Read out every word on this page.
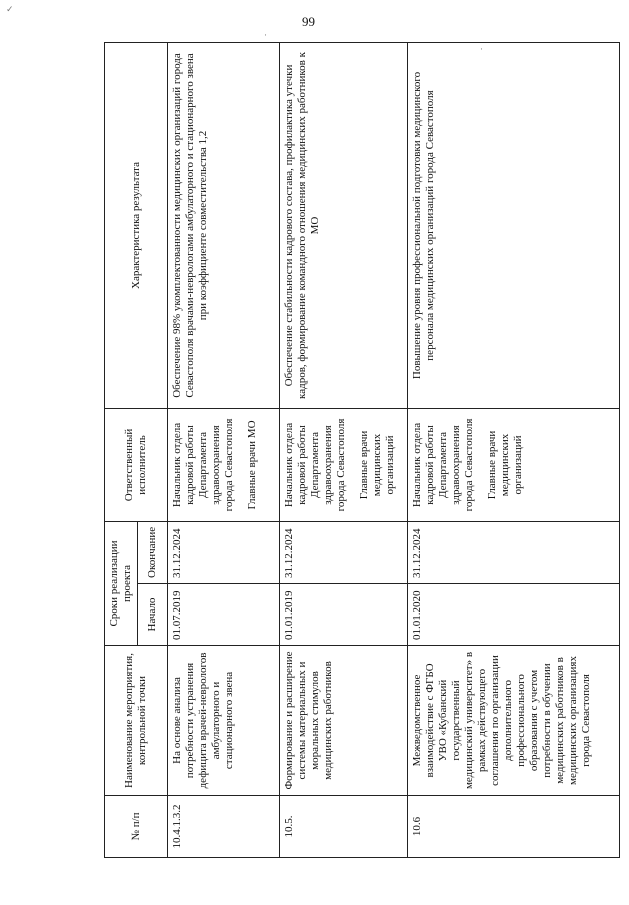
99
✓
·
·
№ п/п	Наименование мероприятия, контрольной точки	Сроки реализации проекта		Ответственный исполнитель	Характеристика результата
		Начало	Окончание		
10.4.1.3.2	На основе анализа потребности устранения дефицита врачей-неврологов амбулаторного и стационарного звена	01.07.2019	31.12.2024	Начальник отдела кадровой работы Департамента здравоохранения города Севастополя Главные врачи МО	Обеспечение 98% укомплектованности медицинских организаций города Севастополя врачами-неврологами амбулаторного и стационарного звена при коэффициенте совместительства 1,2
10.5.	Формирование и расширение системы материальных и моральных стимулов медицинских работников	01.01.2019	31.12.2024	Начальник отдела кадровой работы Департамента здравоохранения города Севастополя Главные врачи медицинских организаций	Обеспечение стабильности кадрового состава, профилактика утечки кадров, формирование командного отношения медицинских работников к МО
10.6	Межведомственное взаимодействие с ФГБО УВО «Кубанский государственный медицинский университет» в рамках действующего соглашения по организации дополнительного профессионального образования с учетом потребности в обучении медицинских работников в медицинских организациях города Севастополя	01.01.2020	31.12.2024	Начальник отдела кадровой работы Департамента здравоохранения города Севастополя Главные врачи медицинских организаций	Повышение уровня профессиональной подготовки медицинского персонала медицинских организаций города Севастополя
